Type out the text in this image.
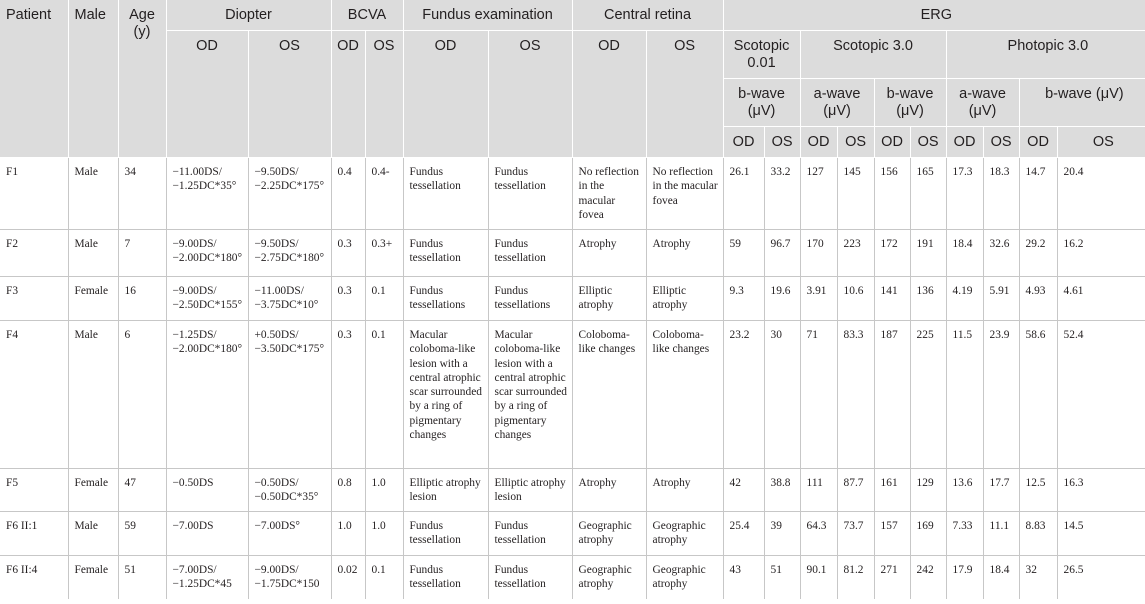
Patient	Male	Age (y)	Diopter		BCVA		Fundus examination		Central retina		ERG									
			OD	OS	OD	OS	OD	OS	OD	OS	Scotopic 0.01		Scotopic 3.0				Photopic 3.0			
											b-wave (μV)		a-wave (μV)		b-wave (μV)		a-wave (μV)		b-wave (μV)	
											OD	OS	OD	OS	OD	OS	OD	OS	OD	OS
F1	Male	34	−11.00DS/ −1.25DC*35°	−9.50DS/ −2.25DC*175°	0.4	0.4-	Fundus tessellation	Fundus tessellation	No reflection in the macular fovea	No reflection in the macular fovea	26.1	33.2	127	145	156	165	17.3	18.3	14.7	20.4
F2	Male	7	−9.00DS/ −2.00DC*180°	−9.50DS/ −2.75DC*180°	0.3	0.3+	Fundus tessellation	Fundus tessellation	Atrophy	Atrophy	59	96.7	170	223	172	191	18.4	32.6	29.2	16.2
F3	Female	16	−9.00DS/ −2.50DC*155°	−11.00DS/ −3.75DC*10°	0.3	0.1	Fundus tessellations	Fundus tessellations	Elliptic atrophy	Elliptic atrophy	9.3	19.6	3.91	10.6	141	136	4.19	5.91	4.93	4.61
F4	Male	6	−1.25DS/ −2.00DC*180°	+0.50DS/ −3.50DC*175°	0.3	0.1	Macular coloboma-like lesion with a central atrophic scar surrounded by a ring of pigmentary changes	Macular coloboma-like lesion with a central atrophic scar surrounded by a ring of pigmentary changes	Coloboma-like changes	Coloboma-like changes	23.2	30	71	83.3	187	225	11.5	23.9	58.6	52.4
F5	Female	47	−0.50DS	−0.50DS/ −0.50DC*35°	0.8	1.0	Elliptic atrophy lesion	Elliptic atrophy lesion	Atrophy	Atrophy	42	38.8	111	87.7	161	129	13.6	17.7	12.5	16.3
F6 II:1	Male	59	−7.00DS	−7.00DS°	1.0	1.0	Fundus tessellation	Fundus tessellation	Geographic atrophy	Geographic atrophy	25.4	39	64.3	73.7	157	169	7.33	11.1	8.83	14.5
F6 II:4	Female	51	−7.00DS/ −1.25DC*45	−9.00DS/ −1.75DC*150	0.02	0.1	Fundus tessellation	Fundus tessellation	Geographic atrophy	Geographic atrophy	43	51	90.1	81.2	271	242	17.9	18.4	32	26.5
